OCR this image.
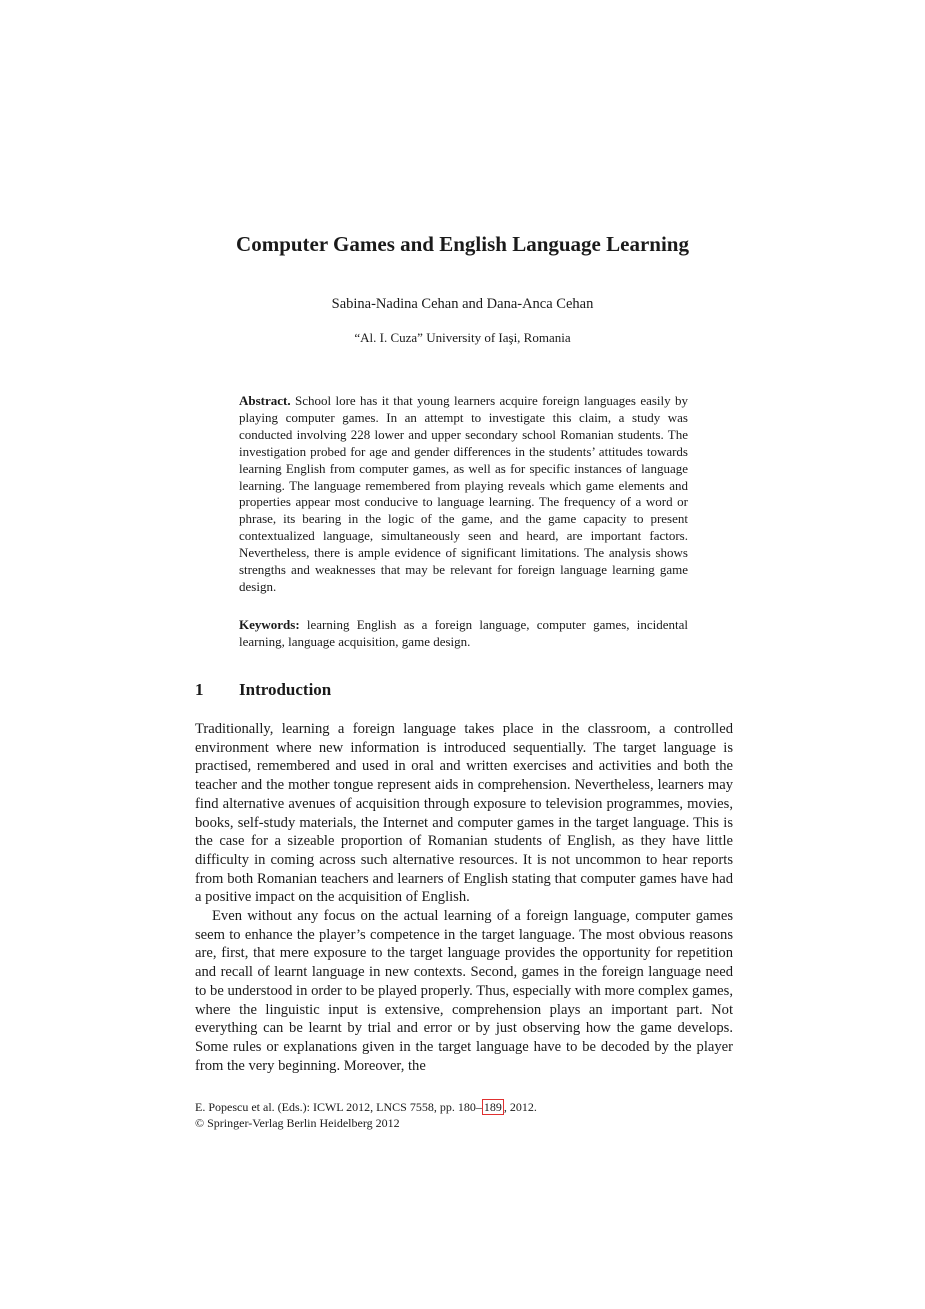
Computer Games and English Language Learning
Sabina-Nadina Cehan and Dana-Anca Cehan
“Al. I. Cuza” University of Iaşi, Romania

Abstract. School lore has it that young learners acquire foreign languages easily by playing computer games. In an attempt to investigate this claim, a study was conducted involving 228 lower and upper secondary school Romanian students. The investigation probed for age and gender differences in the students’ attitudes towards learning English from computer games, as well as for specific instances of language learning. The language remembered from playing reveals which game elements and properties appear most conducive to language learning. The frequency of a word or phrase, its bearing in the logic of the game, and the game capacity to present contextualized language, simultaneously seen and heard, are important factors. Nevertheless, there is ample evidence of significant limitations. The analysis shows strengths and weaknesses that may be relevant for foreign language learning game design.

Keywords: learning English as a foreign language, computer games, incidental learning, language acquisition, game design.

1 Introduction

Traditionally, learning a foreign language takes place in the classroom, a controlled environment where new information is introduced sequentially. The target language is practised, remembered and used in oral and written exercises and activities and both the teacher and the mother tongue represent aids in comprehension. Nevertheless, learners may find alternative avenues of acquisition through exposure to television programmes, movies, books, self-study materials, the Internet and computer games in the target language. This is the case for a sizeable proportion of Romanian students of English, as they have little difficulty in coming across such alternative resources. It is not uncommon to hear reports from both Romanian teachers and learners of English stating that computer games have had a positive impact on the acquisition of English.

Even without any focus on the actual learning of a foreign language, computer games seem to enhance the player’s competence in the target language. The most obvious reasons are, first, that mere exposure to the target language provides the opportunity for repetition and recall of learnt language in new contexts. Second, games in the foreign language need to be understood in order to be played properly. Thus, especially with more complex games, where the linguistic input is extensive, comprehension plays an important part. Not everything can be learnt by trial and error or by just observing how the game develops. Some rules or explanations given in the target language have to be decoded by the player from the very beginning. Moreover, the

E. Popescu et al. (Eds.): ICWL 2012, LNCS 7558, pp. 180– 189 , 2012.
© Springer-Verlag Berlin Heidelberg 2012
